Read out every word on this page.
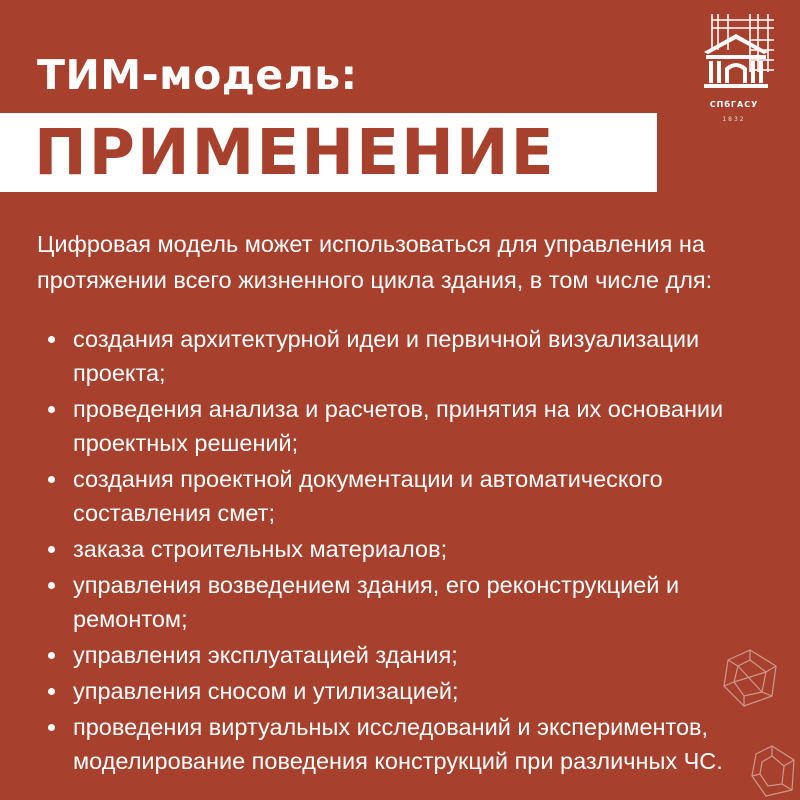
ТИМ-модель:
ПРИМЕНЕНИЕ
СПбГАСУ
1832

Цифровая модель может использоваться для управления на протяжении всего жизненного цикла здания, в том числе для:

создания архитектурной идеи и первичной визуализации проекта;
проведения анализа и расчетов, принятия на их основании проектных решений;
создания проектной документации и автоматического составления смет;
заказа строительных материалов;
управления возведением здания, его реконструкцией и ремонтом;
управления эксплуатацией здания;
управления сносом и утилизацией;
проведения виртуальных исследований и экспериментов, моделирование поведения конструкций при различных ЧС.
